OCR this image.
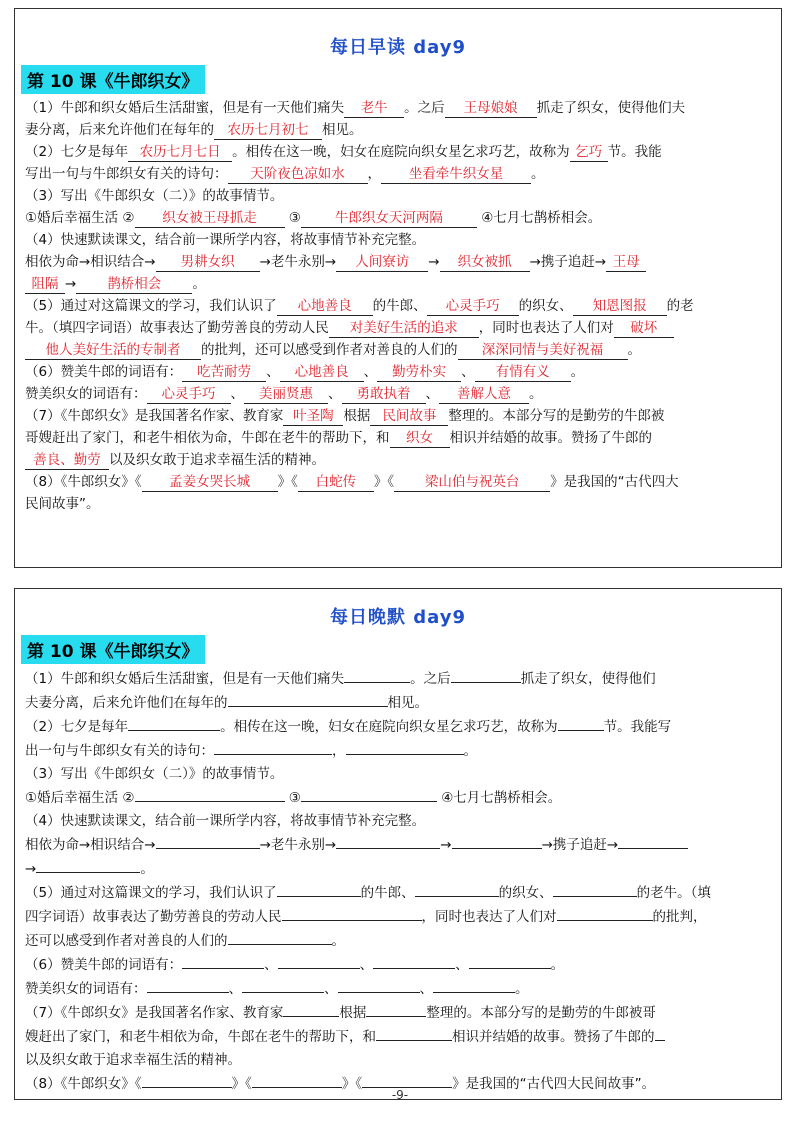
每日早读 day9
第 10 课《牛郎织女》

（1）牛郎和织女婚后生活甜蜜，但是有一天他们痛失 老牛 。之后 王母娘娘 抓走了织女，使得他们夫

妻分离，后来允许他们在每年的 农历七月初七 相见。

（2）七夕是每年 农历七月七日 。相传在这一晚，妇女在庭院向织女星乞求巧艺，故称为 乞巧 节。我能

写出一句与牛郎织女有关的诗句： 天阶夜色凉如水 ， 坐看牵牛织女星 。

（3）写出《牛郎织女（二）》的故事情节。

①婚后幸福生活 ② 织女被王母抓走 ③	牛郎织女天河两隔	④七月七鹊桥相会。

（4）快速默读课文，结合前一课所学内容，将故事情节补充完整。

相依为命→相识结合→ 男耕女织 →老牛永别→ 人间寮访 → 织女被抓 →携子追赶→ 王母

阻隔 → 鹊桥相会 。

（5）通过对这篇课文的学习，我们认识了 心地善良 的牛郎、 心灵手巧 的织女、 知恩图报 的老

牛。（填四字词语）故事表达了勤劳善良的劳动人民 对美好生活的追求 ，同时也表达了人们对 破坏

他人美好生活的专制者 的批判，还可以感受到作者对善良的人们的 深深同情与美好祝福 。

（6）赞美牛郎的词语有： 吃苦耐劳 、 心地善良 、 勤劳朴实 、 有情有义 。

赞美织女的词语有： 心灵手巧 、 美丽贤惠 、 勇敢执着 、 善解人意 。

（7）《牛郎织女》是我国著名作家、教育家 叶圣陶 根据 民间故事 整理的。本部分写的是勤劳的牛郎被

哥嫂赶出了家门，和老牛相依为命，牛郎在老牛的帮助下，和 织女 相识并结婚的故事。赞扬了牛郎的

善良、勤劳 以及织女敢于追求幸福生活的精神。

（8）《牛郎织女》《 孟姜女哭长城 》《 白蛇传 》《 梁山伯与祝英台 》是我国的“古代四大

民间故事”。

每日晚默 day9
第 10 课《牛郎织女》

（1）牛郎和织女婚后生活甜蜜，但是有一天他们痛失	。之后	抓走了织女，使得他们

夫妻分离，后来允许他们在每年的	相见。

（2）七夕是每年	。相传在这一晚，妇女在庭院向织女星乞求巧艺，故称为	节。我能写

出一句与牛郎织女有关的诗句：	，	。

（3）写出《牛郎织女（二）》的故事情节。

①婚后幸福生活 ②	③	④七月七鹊桥相会。

（4）快速默读课文，结合前一课所学内容，将故事情节补充完整。

相依为命→相识结合→	→老牛永别→	→	→携子追赶→

→	。

（5）通过对这篇课文的学习，我们认识了	的牛郎、	的织女、	的老牛。（填

四字词语）故事表达了勤劳善良的劳动人民	，同时也表达了人们对	的批判，

还可以感受到作者对善良的人们的	。

（6）赞美牛郎的词语有：	、	、	、	。

赞美织女的词语有：	、	、	、	。

（7）《牛郎织女》是我国著名作家、教育家	根据	整理的。本部分写的是勤劳的牛郎被哥

嫂赶出了家门，和老牛相依为命，牛郎在老牛的帮助下，和	相识并结婚的故事。赞扬了牛郎的

以及织女敢于追求幸福生活的精神。

（8）《牛郎织女》《	》《	》《	》是我国的“古代四大民间故事”。

-9-
